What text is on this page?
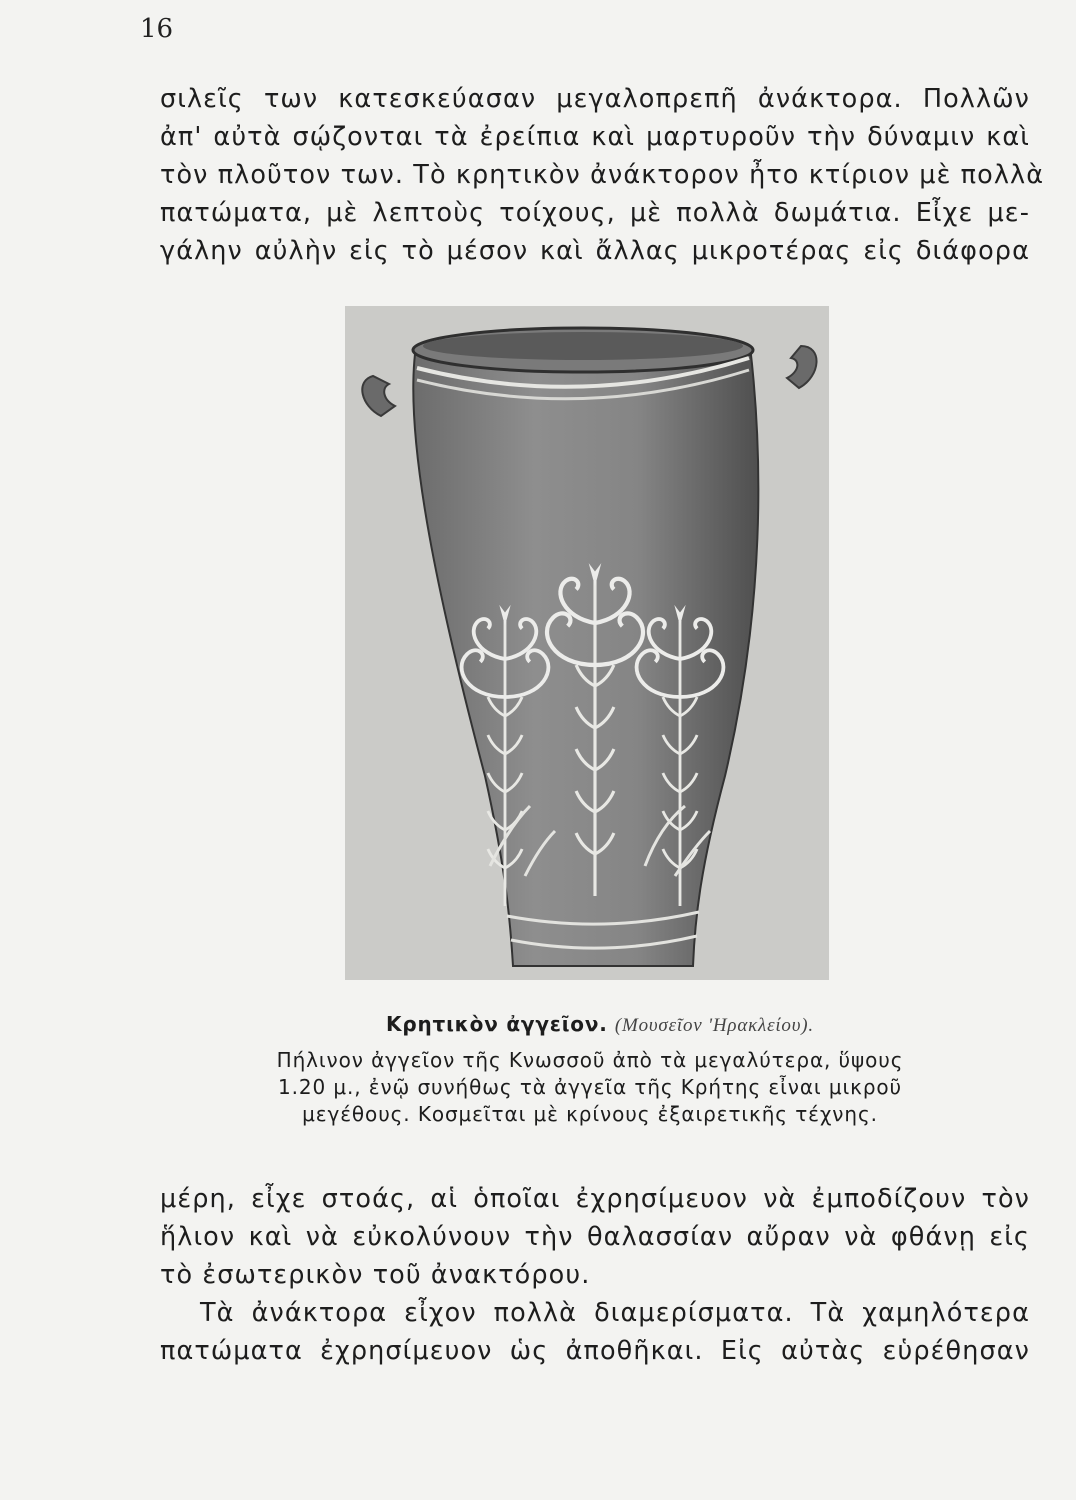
16
σιλεῖς των κατεσκεύασαν μεγαλοπρεπῆ ἀνάκτορα. Πολλῶν
ἀπ' αὐτὰ σῴζονται τὰ ἐρείπια καὶ μαρτυροῦν τὴν δύναμιν καὶ
τὸν πλοῦτον των. Τὸ κρητικὸν ἀνάκτορον ἦτο κτίριον μὲ πολλὰ
πατώματα, μὲ λεπτοὺς τοίχους, μὲ πολλὰ δωμάτια. Εἶχε με-
γάλην αὐλὴν εἰς τὸ μέσον καὶ ἄλλας μικροτέρας εἰς διάφορα
Κρητικὸν ἀγγεῖον. (Μουσεῖον 'Ηρακλείου).
Πήλινον ἀγγεῖον τῆς Κνωσσοῦ ἀπὸ τὰ μεγαλύτερα, ὕψους
1.20 μ., ἐνῷ συνήθως τὰ ἀγγεῖα τῆς Κρήτης εἶναι μικροῦ
μεγέθους. Κοσμεῖται μὲ κρίνους ἐξαιρετικῆς τέχνης.
μέρη, εἶχε στοάς, αἱ ὁποῖαι ἐχρησίμευον νὰ ἐμποδίζουν τὸν
ἥλιον καὶ νὰ εὐκολύνουν τὴν θαλασσίαν αὔραν νὰ φθάνῃ εἰς
τὸ ἐσωτερικὸν τοῦ ἀνακτόρου.
Τὰ ἀνάκτορα εἶχον πολλὰ διαμερίσματα. Τὰ χαμηλότερα
πατώματα ἐχρησίμευον ὡς ἀποθῆκαι. Εἰς αὐτὰς εὑρέθησαν
